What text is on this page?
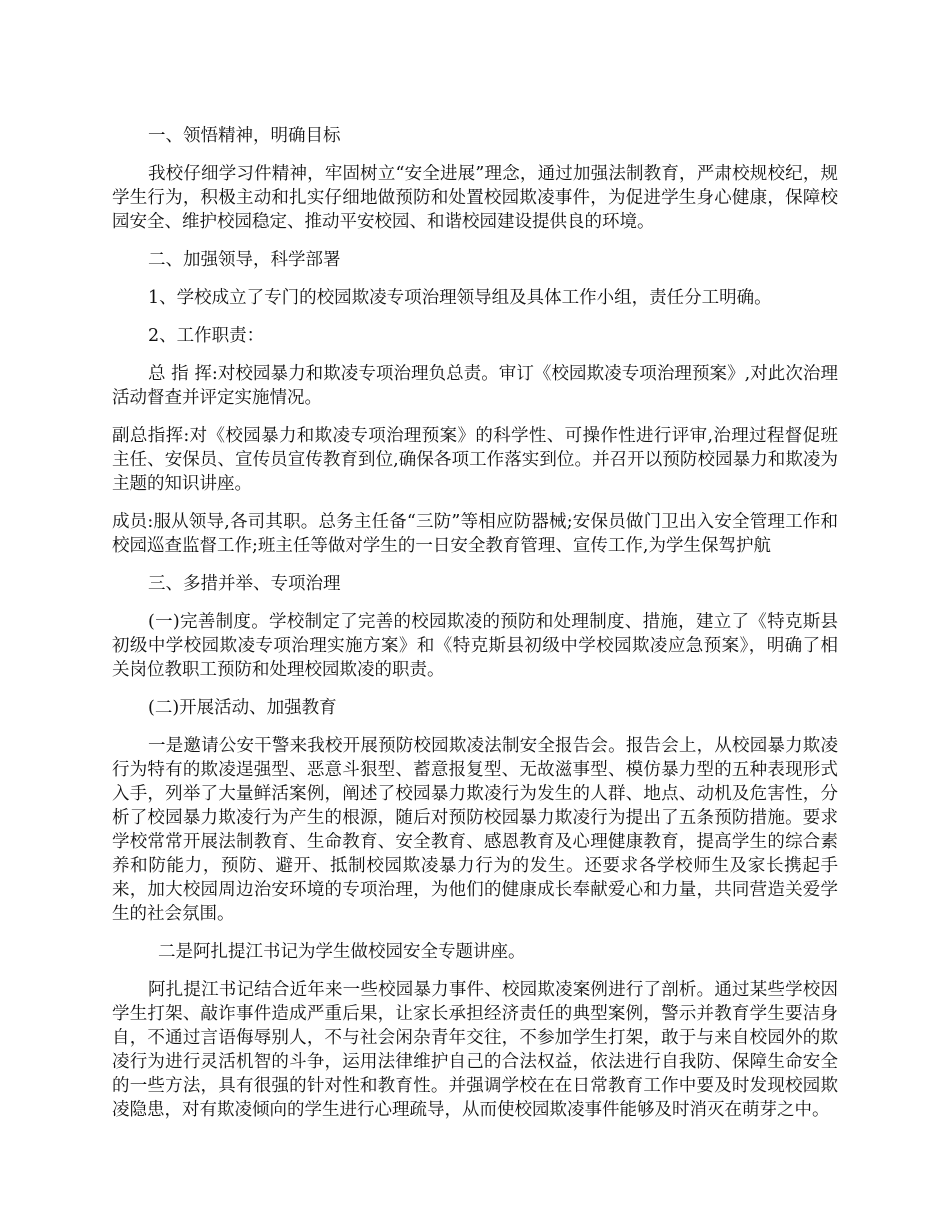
一、领悟精神，明确目标

我校仔细学习件精神，牢固树立“安全进展”理念，通过加强法制教育，严肃校规校纪，规学生行为，积极主动和扎实仔细地做预防和处置校园欺凌事件，为促进学生身心健康，保障校园安全、维护校园稳定、推动平安校园、和谐校园建设提供良的环境。

二、加强领导，科学部署

1、学校成立了专门的校园欺凌专项治理领导组及具体工作小组，责任分工明确。

2、工作职责：

总 指 挥:对校园暴力和欺凌专项治理负总责。审订《校园欺凌专项治理预案》,对此次治理活动督查并评定实施情况。

副总指挥:对《校园暴力和欺凌专项治理预案》的科学性、可操作性进行评审,治理过程督促班主任、安保员、宣传员宣传教育到位,确保各项工作落实到位。并召开以预防校园暴力和欺凌为主题的知识讲座。

成员:服从领导,各司其职。总务主任备“三防”等相应防器械;安保员做门卫出入安全管理工作和校园巡查监督工作;班主任等做对学生的一日安全教育管理、宣传工作,为学生保驾护航

三、多措并举、专项治理

(一)完善制度。学校制定了完善的校园欺凌的预防和处理制度、措施，建立了《特克斯县初级中学校园欺凌专项治理实施方案》和《特克斯县初级中学校园欺凌应急预案》，明确了相关岗位教职工预防和处理校园欺凌的职责。

(二)开展活动、加强教育

一是邀请公安干警来我校开展预防校园欺凌法制安全报告会。报告会上，从校园暴力欺凌行为特有的欺凌逞强型、恶意斗狠型、蓄意报复型、无故滋事型、模仿暴力型的五种表现形式入手，列举了大量鲜活案例，阐述了校园暴力欺凌行为发生的人群、地点、动机及危害性，分析了校园暴力欺凌行为产生的根源，随后对预防校园暴力欺凌行为提出了五条预防措施。要求学校常常开展法制教育、生命教育、安全教育、感恩教育及心理健康教育，提高学生的综合素养和防能力，预防、避开、抵制校园欺凌暴力行为的发生。还要求各学校师生及家长携起手来，加大校园周边治安环境的专项治理，为他们的健康成长奉献爱心和力量，共同营造关爱学生的社会氛围。

二是阿扎提江书记为学生做校园安全专题讲座。

阿扎提江书记结合近年来一些校园暴力事件、校园欺凌案例进行了剖析。通过某些学校因学生打架、敲诈事件造成严重后果，让家长承担经济责任的典型案例，警示并教育学生要洁身自，不通过言语侮辱别人，不与社会闲杂青年交往，不参加学生打架，敢于与来自校园外的欺凌行为进行灵活机智的斗争，运用法律维护自己的合法权益，依法进行自我防、保障生命安全的一些方法，具有很强的针对性和教育性。并强调学校在在日常教育工作中要及时发现校园欺凌隐患，对有欺凌倾向的学生进行心理疏导，从而使校园欺凌事件能够及时消灭在萌芽之中。
